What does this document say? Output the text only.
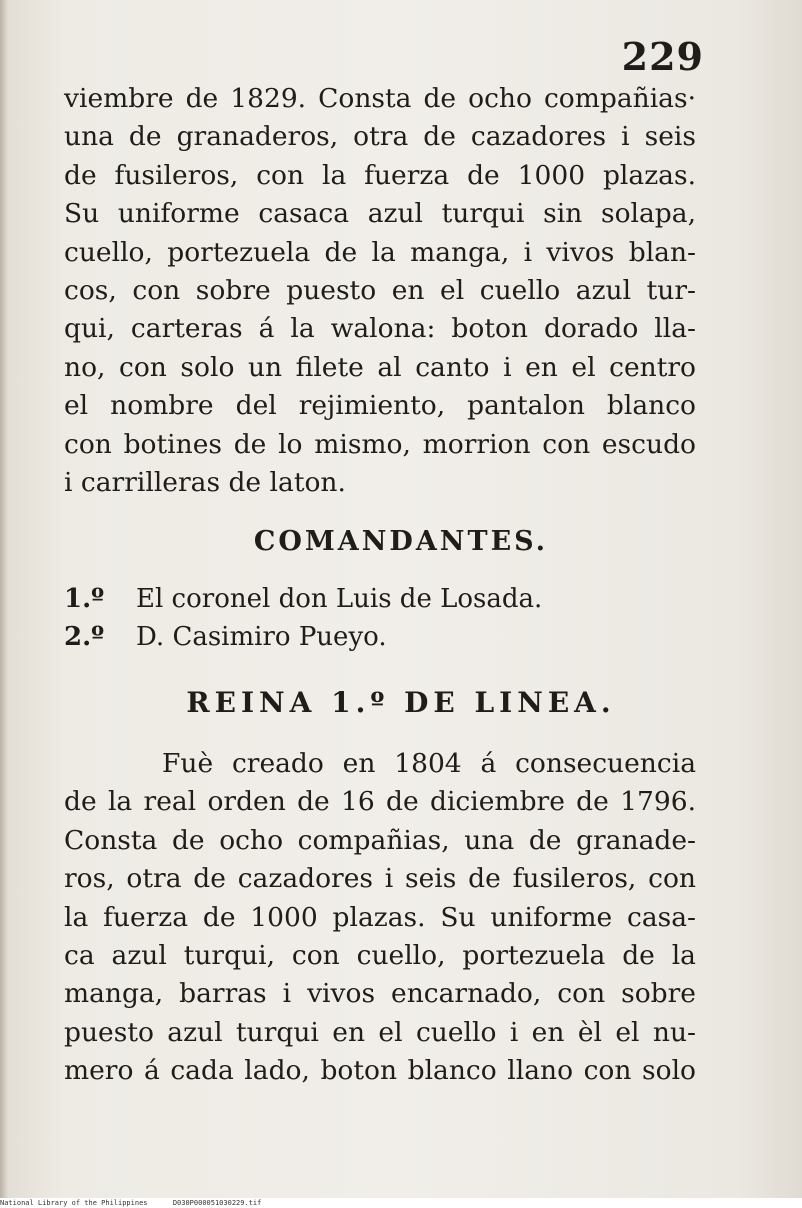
229
viembre de 1829. Consta de ocho compañias·
una de granaderos, otra de cazadores i seis
de fusileros, con la fuerza de 1000 plazas.
Su uniforme casaca azul turqui sin solapa,
cuello, portezuela de la manga, i vivos blan-
cos, con sobre puesto en el cuello azul tur-
qui, carteras á la walona: boton dorado lla-
no, con solo un filete al canto i en el centro
el nombre del rejimiento, pantalon blanco
con botines de lo mismo, morrion con escudo
i carrilleras de laton.
COMANDANTES.
1.º El coronel don Luis de Losada.
2.º D. Casimiro Pueyo.
REINA 1.º DE LINEA.
Fuè creado en 1804 á consecuencia
de la real orden de 16 de diciembre de 1796.
Consta de ocho compañias, una de granade-
ros, otra de cazadores i seis de fusileros, con
la fuerza de 1000 plazas. Su uniforme casa-
ca azul turqui, con cuello, portezuela de la
manga, barras i vivos encarnado, con sobre
puesto azul turqui en el cuello i en èl el nu-
mero á cada lado, boton blanco llano con solo
National Library of the Philippines	D030P000051030229.tif
